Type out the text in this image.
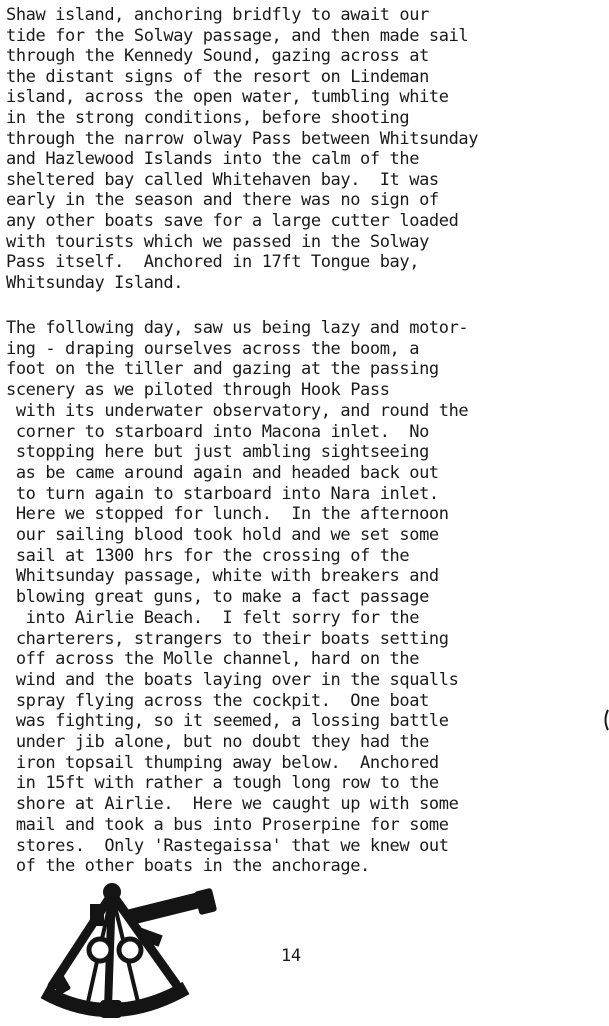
Shaw island, anchoring bridfly to await our
tide for the Solway passage, and then made sail
through the Kennedy Sound, gazing across at
the distant signs of the resort on Lindeman
island, across the open water, tumbling white
in the strong conditions, before shooting
through the narrow olway Pass between Whitsunday
and Hazlewood Islands into the calm of the
sheltered bay called Whitehaven bay.  It was
early in the season and there was no sign of
any other boats save for a large cutter loaded
with tourists which we passed in the Solway
Pass itself.  Anchored in 17ft Tongue bay,
Whitsunday Island.
The following day, saw us being lazy and motor-
ing - draping ourselves across the boom, a
foot on the tiller and gazing at the passing
scenery as we piloted through Hook Pass
with its underwater observatory, and round the
corner to starboard into Macona inlet.  No
stopping here but just ambling sightseeing
as be came around again and headed back out
to turn again to starboard into Nara inlet.
Here we stopped for lunch.  In the afternoon
our sailing blood took hold and we set some
sail at 1300 hrs for the crossing of the
Whitsunday passage, white with breakers and
blowing great guns, to make a fact passage
into Airlie Beach.  I felt sorry for the
charterers, strangers to their boats setting
off across the Molle channel, hard on the
wind and the boats laying over in the squalls
spray flying across the cockpit.  One boat
was fighting, so it seemed, a lossing battle
under jib alone, but no doubt they had the
iron topsail thumping away below.  Anchored
in 15ft with rather a tough long row to the
shore at Airlie.  Here we caught up with some
mail and took a bus into Proserpine for some
stores.  Only 'Rastegaissa' that we knew out
of the other boats in the anchorage.
14
